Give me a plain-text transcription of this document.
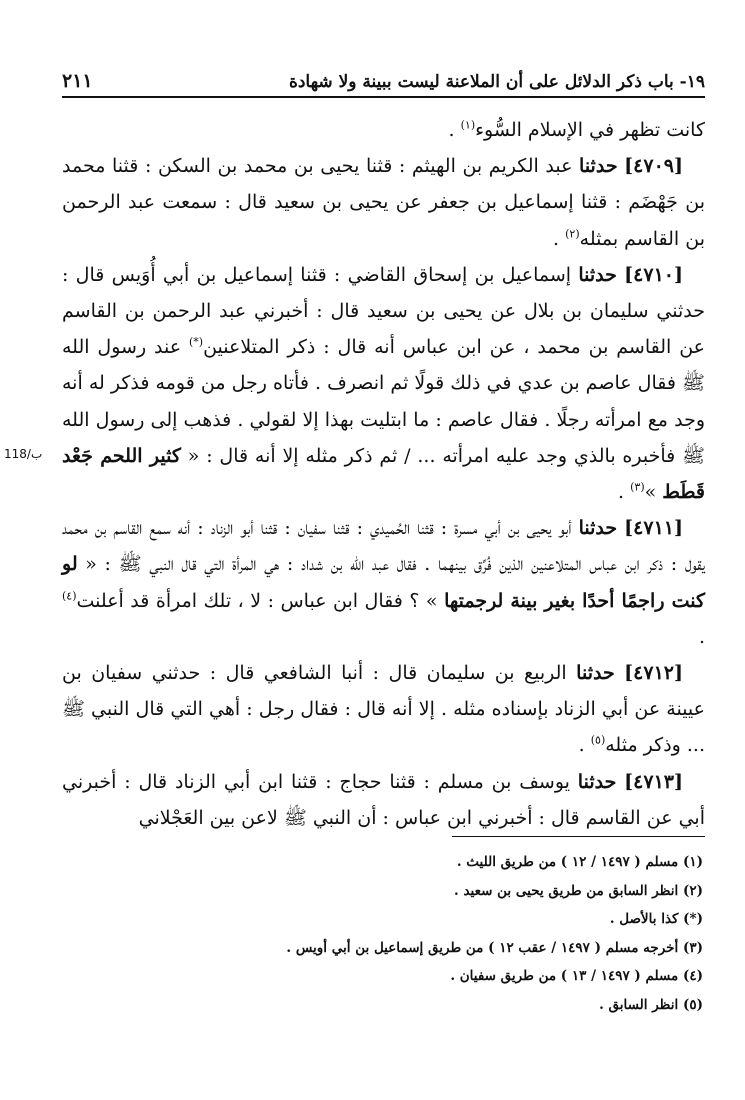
١٩- باب ذكر الدلائل على أن الملاعنة ليست ببينة ولا شهادة
٢١١

كانت تظهر في الإسلام السُّوء$^{(١)}$ .

[٤٧٠٩] حدثنا عبد الكريم بن الهيثم : قثنا يحيى بن محمد بن السكن : قثنا محمد بن جَهْضَم : قثنا إسماعيل بن جعفر عن يحيى بن سعيد قال : سمعت عبد الرحمن بن القاسم بمثله$^{(٢)}$ .

[٤٧١٠] حدثنا إسماعيل بن إسحاق القاضي : قثنا إسماعيل بن أبي أُوَيس قال : حدثني سليمان بن بلال عن يحيى بن سعيد قال : أخبرني عبد الرحمن بن القاسم عن القاسم بن محمد ، عن ابن عباس أنه قال : ذكر المتلاعنين(*) عند رسول الله ﷺ فقال عاصم بن عدي في ذلك قولًا ثم انصرف . فأتاه رجل من قومه فذكر له أنه وجد مع امرأته رجلًا . فقال عاصم : ما ابتليت بهذا إلا لقولي . فذهب إلى رسول الله ﷺ فأخبره بالذي وجد عليه امرأته ... / ثم ذكر مثله إلا أنه قال : « كثير اللحم جَعْد قَطَط »$^{(٣)}$ .

[٤٧١١] حدثنا أبو يحيى بن أبي مسرة : قثنا الحُميدي : قثنا سفيان : قثنا أبو الزناد : أنه سمع القاسم بن محمد يقول : ذكر ابن عباس المتلاعنين الذين فُرِّق بينهما . فقال عبد الله بن شداد : هي المرأة التي قال النبي ﷺ : « لو كنت راجمًا أحدًا بغير بينة لرجمتها » ؟ فقال ابن عباس : لا ، تلك امرأة قد أعلنت$^{(٤)}$ .

[٤٧١٢] حدثنا الربيع بن سليمان قال : أنبا الشافعي قال : حدثني سفيان بن عيينة عن أبي الزناد بإسناده مثله . إلا أنه قال : فقال رجل : أهي التي قال النبي ﷺ ... وذكر مثله$^{(٥)}$ .

[٤٧١٣] حدثنا يوسف بن مسلم : قثنا حجاج : قثنا ابن أبي الزناد قال : أخبرني أبي عن القاسم قال : أخبرني ابن عباس : أن النبي ﷺ لاعن بين العَجْلاني

118/ب

(١) مسلم ( ١٤٩٧ / ١٢ ) من طريق الليث .

(٢) انظر السابق من طريق يحيى بن سعيد .

(*) كذا بالأصل .

(٣) أخرجه مسلم ( ١٤٩٧ / عقب ١٢ ) من طريق إسماعيل بن أبي أويس .

(٤) مسلم ( ١٤٩٧ / ١٣ ) من طريق سفيان .

(٥) انظر السابق .
